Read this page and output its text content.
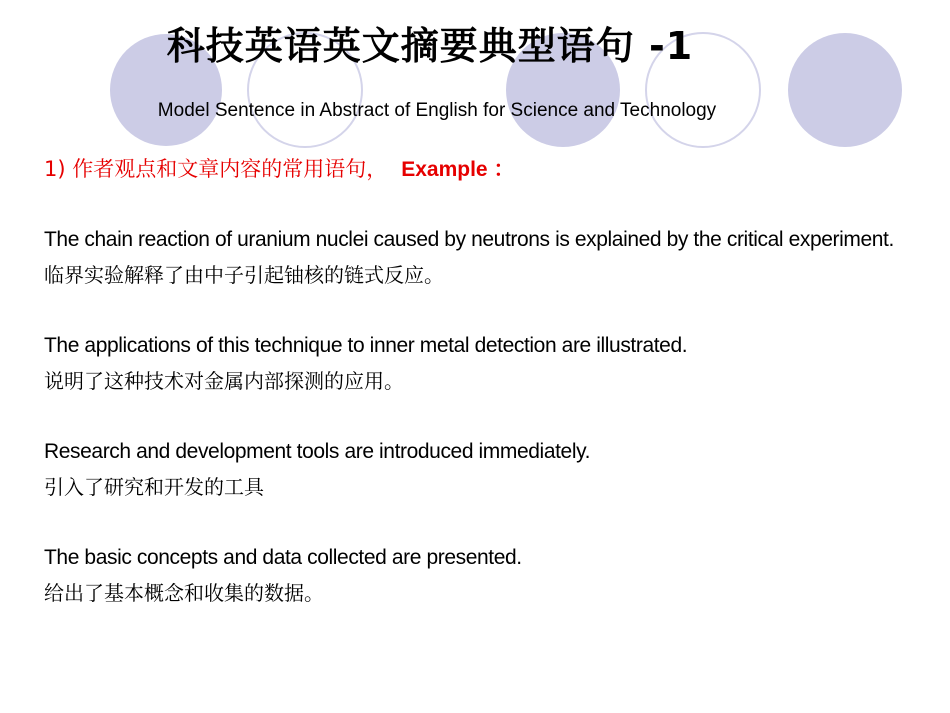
科技英语英文摘要典型语句 -1
Model Sentence in Abstract of English for Science and Technology
1) 作者观点和文章内容的常用语句， Example ：
The chain reaction of uranium nuclei caused by neutrons is explained by the critical experiment.
临界实验解释了由中子引起铀核的链式反应。
The applications of this technique to inner metal detection are illustrated.
说明了这种技术对金属内部探测的应用。
Research and development tools are introduced immediately.
引入了研究和开发的工具
The basic concepts and data collected are presented.
给出了基本概念和收集的数据。
